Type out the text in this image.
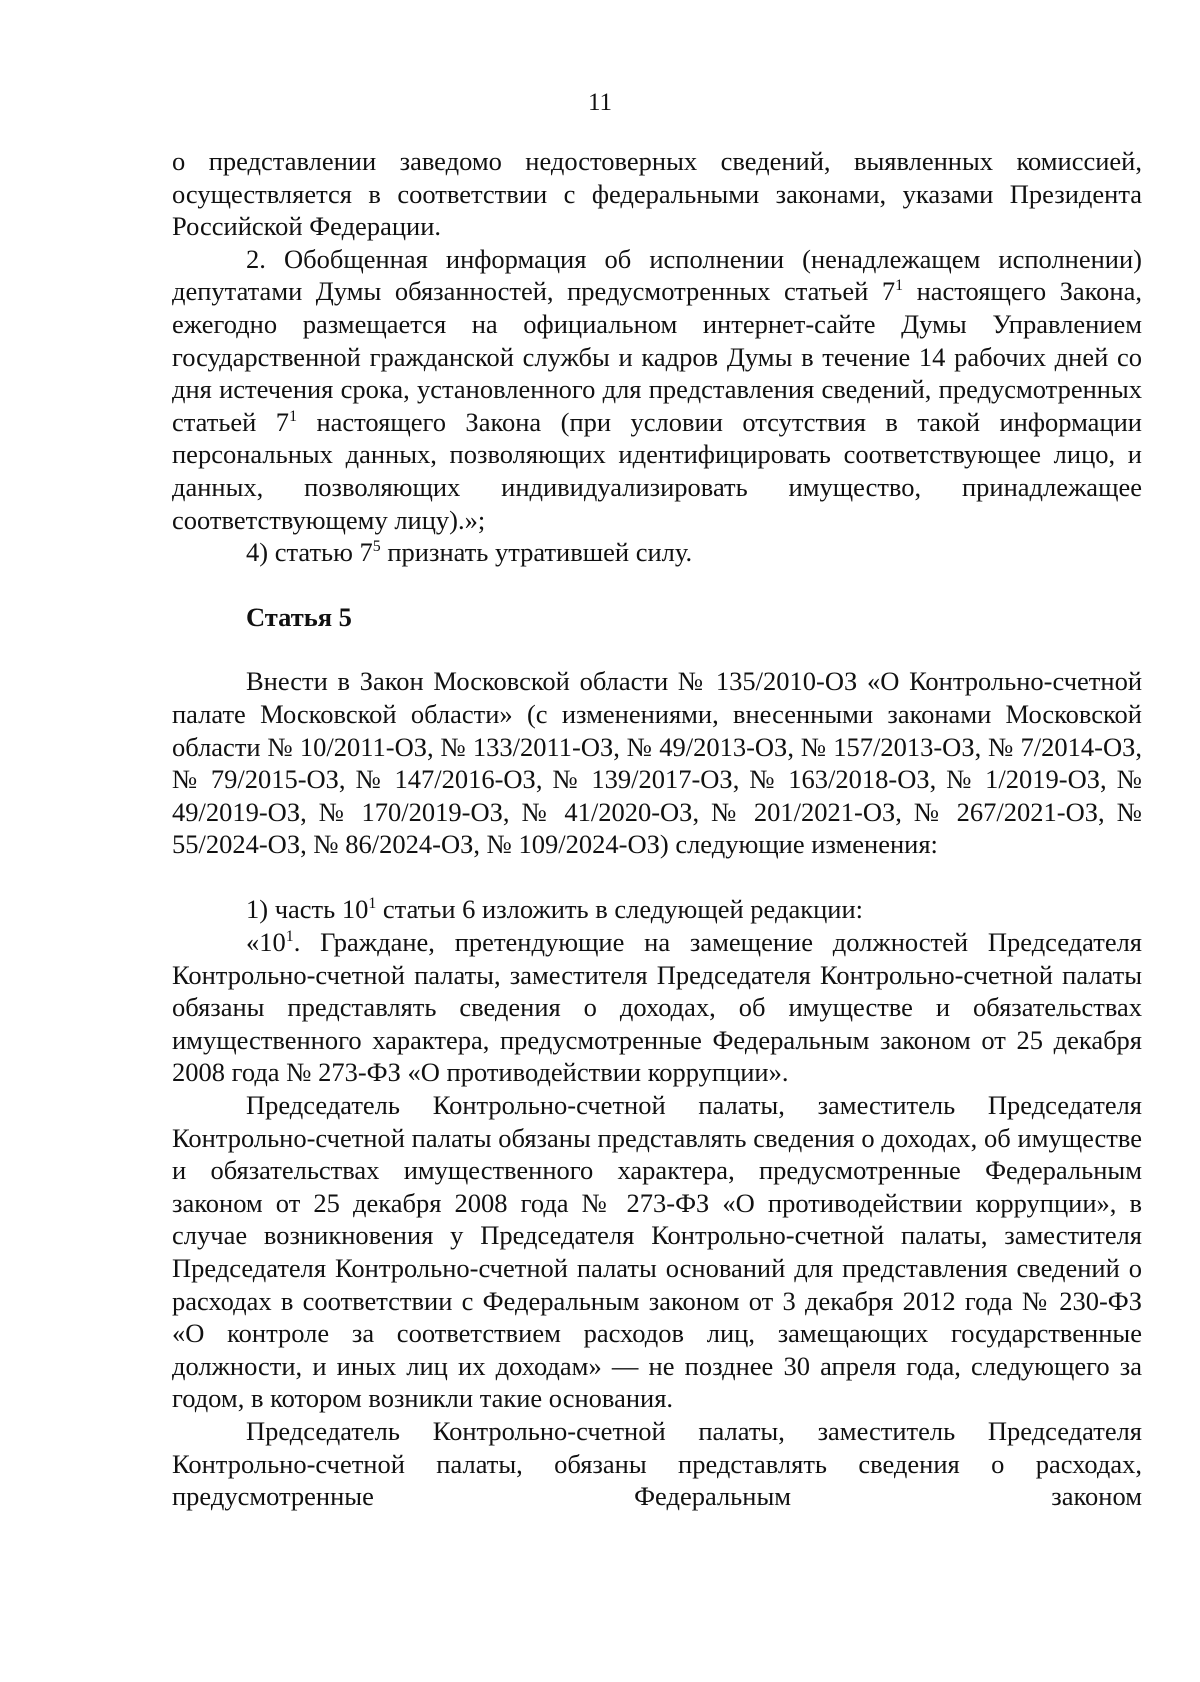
11

о представлении заведомо недостоверных сведений, выявленных комиссией, осуществляется в соответствии с федеральными законами, указами Президента Российской Федерации.

2. Обобщенная информация об исполнении (ненадлежащем исполнении) депутатами Думы обязанностей, предусмотренных статьей $7^1$ настоящего Закона, ежегодно размещается на официальном интернет-сайте Думы Управлением государственной гражданской службы и кадров Думы в течение 14 рабочих дней со дня истечения срока, установленного для представления сведений, предусмотренных статьей $7^1$ настоящего Закона (при условии отсутствия в такой информации персональных данных, позволяющих идентифицировать соответствующее лицо, и данных, позволяющих индивидуализировать имущество, принадлежащее соответствующему лицу).»;

4) статью $7^5$ признать утратившей силу.

Статья 5

Внести в Закон Московской области № 135/2010-ОЗ «О Контрольно-счетной палате Московской области» (с изменениями, внесенными законами Московской области № 10/2011-ОЗ, № 133/2011-ОЗ, № 49/2013-ОЗ, № 157/2013-ОЗ, № 7/2014-ОЗ, № 79/2015-ОЗ, № 147/2016-ОЗ, № 139/2017-ОЗ, № 163/2018-ОЗ, № 1/2019-ОЗ, № 49/2019-ОЗ, № 170/2019-ОЗ, № 41/2020-ОЗ, № 201/2021-ОЗ, № 267/2021-ОЗ, № 55/2024-ОЗ, № 86/2024-ОЗ, № 109/2024-ОЗ) следующие изменения:

1) часть $10^1$ статьи 6 изложить в следующей редакции:

«$10^1$. Граждане, претендующие на замещение должностей Председателя Контрольно-счетной палаты, заместителя Председателя Контрольно-счетной палаты обязаны представлять сведения о доходах, об имуществе и обязательствах имущественного характера, предусмотренные Федеральным законом от 25 декабря 2008 года № 273-ФЗ «О противодействии коррупции».

Председатель Контрольно-счетной палаты, заместитель Председателя Контрольно-счетной палаты обязаны представлять сведения о доходах, об имуществе и обязательствах имущественного характера, предусмотренные Федеральным законом от 25 декабря 2008 года № 273-ФЗ «О противодействии коррупции», в случае возникновения у Председателя Контрольно-счетной палаты, заместителя Председателя Контрольно-счетной палаты оснований для представления сведений о расходах в соответствии с Федеральным законом от 3 декабря 2012 года № 230-ФЗ «О контроле за соответствием расходов лиц, замещающих государственные должности, и иных лиц их доходам» — не позднее 30 апреля года, следующего за годом, в котором возникли такие основания.

Председатель Контрольно-счетной палаты, заместитель Председателя Контрольно-счетной палаты, обязаны представлять сведения о расходах, предусмотренные Федеральным законом
